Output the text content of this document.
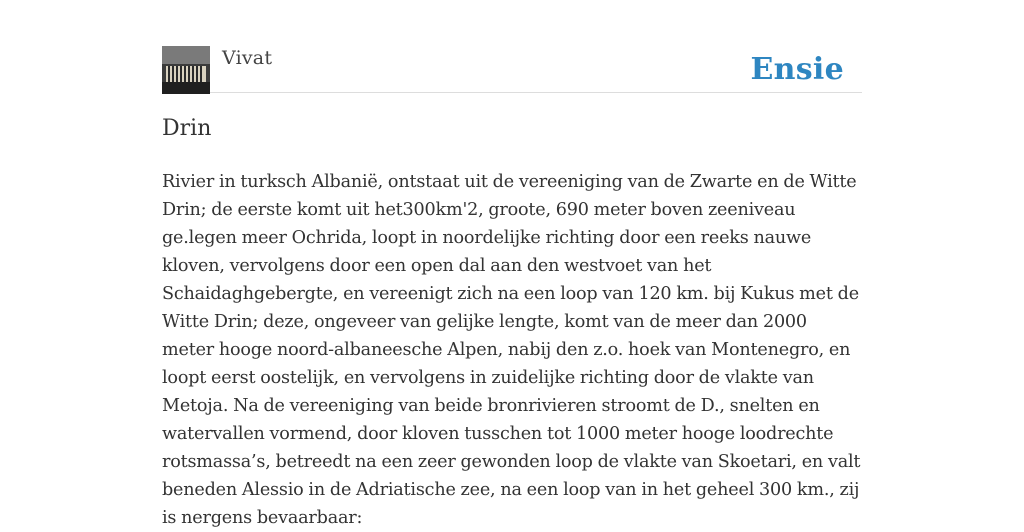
Vivat	Ensie
Drin

Rivier in turksch Albanië, ontstaat uit de vereeniging van de Zwarte en de Witte Drin; de eerste komt uit het300km'2, groote, 690 meter boven zeeniveau ge.legen meer Ochrida, loopt in noordelijke richting door een reeks nauwe kloven, vervolgens door een open dal aan den westvoet van het Schaidaghgebergte, en vereenigt zich na een loop van 120 km. bij Kukus met de Witte Drin; deze, ongeveer van gelijke lengte, komt van de meer dan 2000 meter hooge noord-albaneesche Alpen, nabij den z.o. hoek van Montenegro, en loopt eerst oostelijk, en vervolgens in zuidelijke richting door de vlakte van Metoja. Na de vereeniging van beide bronrivieren stroomt de D., snelten en watervallen vormend, door kloven tusschen tot 1000 meter hooge loodrechte rotsmassa’s, betreedt na een zeer gewonden loop de vlakte van Skoetari, en valt beneden Alessio in de Adriatische zee, na een loop van in het geheel 300 km., zij is nergens bevaarbaar:
